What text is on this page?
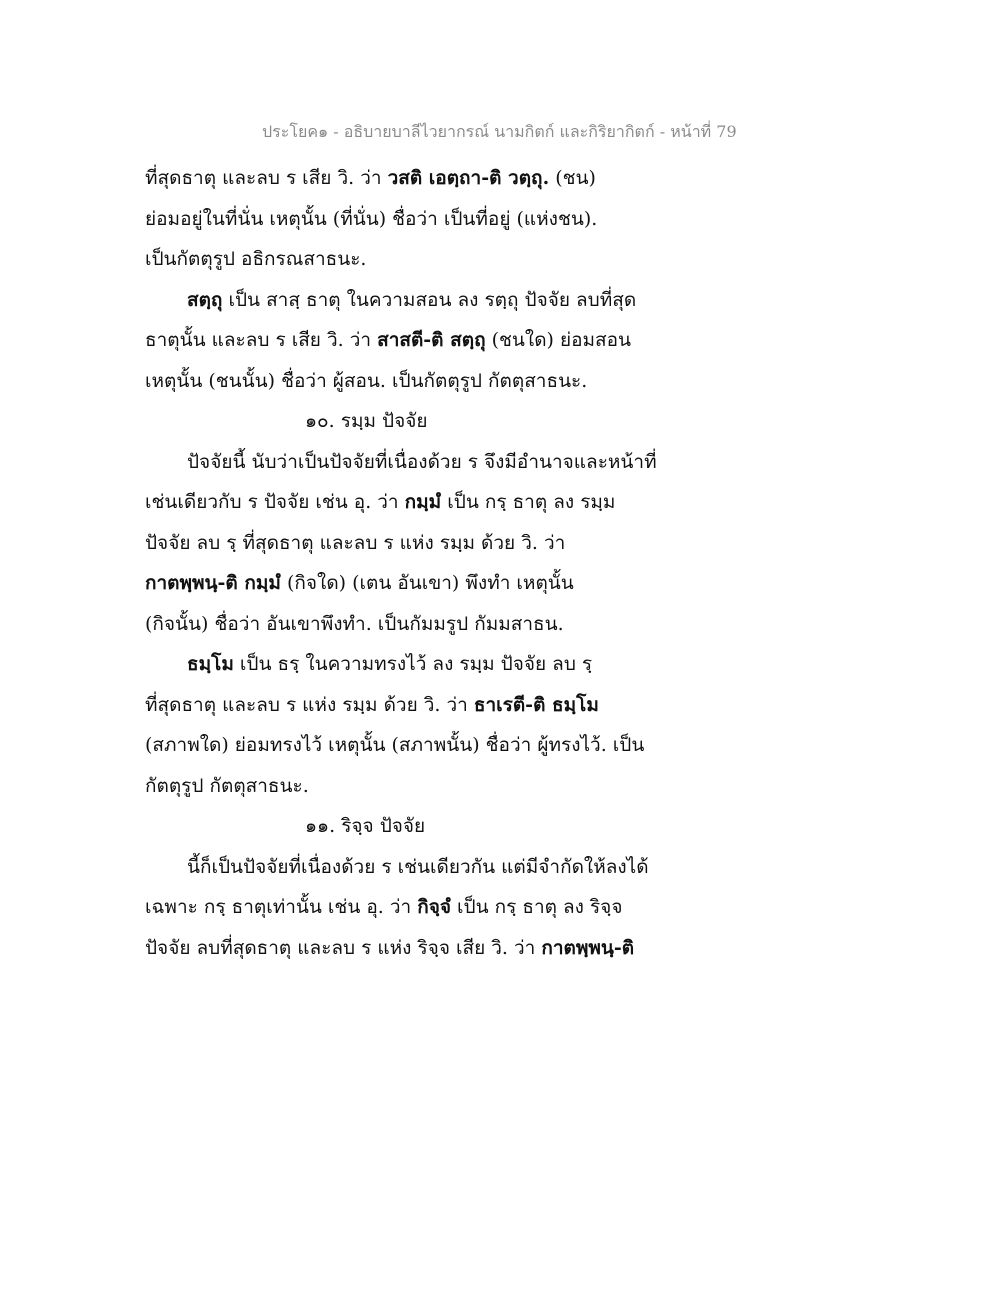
ประโยค๑ - อธิบายบาลีไวยากรณ์ นามกิตก์ และกิริยากิตก์ - หน้าที่ 79
ที่สุดธาตุ และลบ ร เสีย วิ. ว่า วสติ เอตฺถา-ติ วตฺถุ. (ชน)
ย่อมอยู่ในที่นั่น เหตุนั้น (ที่นั่น) ชื่อว่า เป็นที่อยู่ (แห่งชน).
เป็นกัตตุรูป อธิกรณสาธนะ.
สตฺถุ เป็น สาสฺ ธาตุ ในความสอน ลง รตฺถุ ปัจจัย ลบที่สุด
ธาตุนั้น และลบ ร เสีย วิ. ว่า สาสตี-ติ สตฺถุ (ชนใด) ย่อมสอน
เหตุนั้น (ชนนั้น) ชื่อว่า ผู้สอน. เป็นกัตตุรูป กัตตุสาธนะ.
๑๐. รมฺม ปัจจัย
ปัจจัยนี้ นับว่าเป็นปัจจัยที่เนื่องด้วย ร จึงมีอำนาจและหน้าที่
เช่นเดียวกับ ร ปัจจัย เช่น อุ. ว่า กมฺมํ เป็น กรฺ ธาตุ ลง รมฺม
ปัจจัย ลบ รฺ ที่สุดธาตุ และลบ ร แห่ง รมฺม ด้วย วิ. ว่า
กาตพฺพนฺ-ติ กมฺมํ (กิจใด) (เตน อันเขา) พึงทำ เหตุนั้น
(กิจนั้น) ชื่อว่า อันเขาพึงทำ. เป็นกัมมรูป กัมมสาธน.
ธมฺโม เป็น ธรฺ ในความทรงไว้ ลง รมฺม ปัจจัย ลบ รฺ
ที่สุดธาตุ และลบ ร แห่ง รมฺม ด้วย วิ. ว่า ธาเรตี-ติ ธมฺโม
(สภาพใด) ย่อมทรงไว้ เหตุนั้น (สภาพนั้น) ชื่อว่า ผู้ทรงไว้. เป็น
กัตตุรูป กัตตุสาธนะ.
๑๑. ริจฺจ ปัจจัย
นี้ก็เป็นปัจจัยที่เนื่องด้วย ร เช่นเดียวกัน แต่มีจำกัดให้ลงได้
เฉพาะ กรฺ ธาตุเท่านั้น เช่น อุ. ว่า กิจฺจํ เป็น กรฺ ธาตุ ลง ริจฺจ
ปัจจัย ลบที่สุดธาตุ และลบ ร แห่ง ริจฺจ เสีย วิ. ว่า กาตพฺพนฺ-ติ
